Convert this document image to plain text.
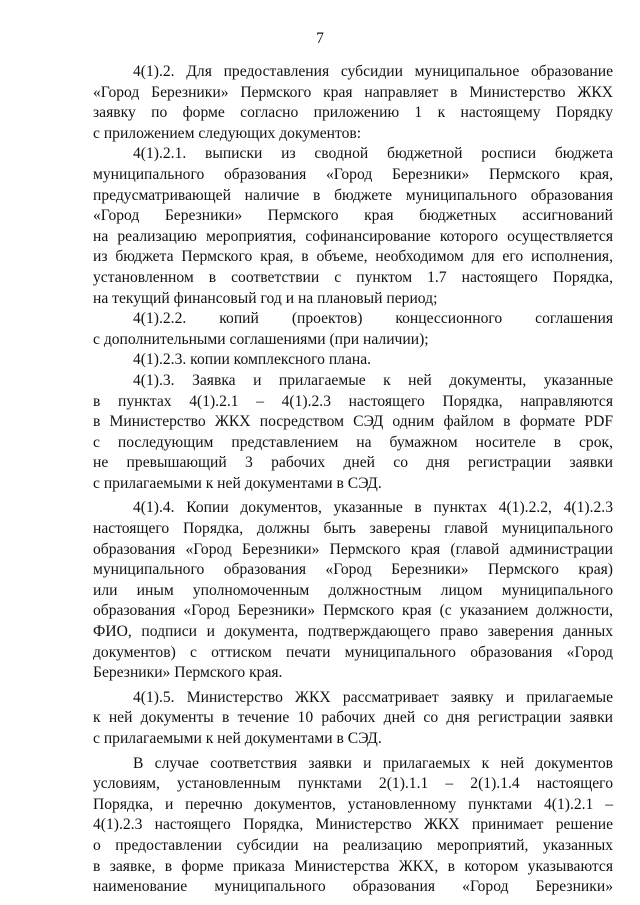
7
4(1).2. Для предоставления субсидии муниципальное образование
«Город Березники» Пермского края направляет в Министерство ЖКХ
заявку по форме согласно приложению 1 к настоящему Порядку
с приложением следующих документов:
4(1).2.1. выписки из сводной бюджетной росписи бюджета
муниципального образования «Город Березники» Пермского края,
предусматривающей наличие в бюджете муниципального образования
«Город Березники» Пермского края бюджетных ассигнований
на реализацию мероприятия, софинансирование которого осуществляется
из бюджета Пермского края, в объеме, необходимом для его исполнения,
установленном в соответствии с пунктом 1.7 настоящего Порядка,
на текущий финансовый год и на плановый период;
4(1).2.2. копий (проектов) концессионного соглашения
с дополнительными соглашениями (при наличии);
4(1).2.3. копии комплексного плана.
4(1).3. Заявка и прилагаемые к ней документы, указанные
в пунктах 4(1).2.1 – 4(1).2.3 настоящего Порядка, направляются
в Министерство ЖКХ посредством СЭД одним файлом в формате PDF
с последующим представлением на бумажном носителе в срок,
не превышающий 3 рабочих дней со дня регистрации заявки
с прилагаемыми к ней документами в СЭД.
4(1).4. Копии документов, указанные в пунктах 4(1).2.2, 4(1).2.3
настоящего Порядка, должны быть заверены главой муниципального
образования «Город Березники» Пермского края (главой администрации
муниципального образования «Город Березники» Пермского края)
или иным уполномоченным должностным лицом муниципального
образования «Город Березники» Пермского края (с указанием должности,
ФИО, подписи и документа, подтверждающего право заверения данных
документов) с оттиском печати муниципального образования «Город
Березники» Пермского края.
4(1).5. Министерство ЖКХ рассматривает заявку и прилагаемые
к ней документы в течение 10 рабочих дней со дня регистрации заявки
с прилагаемыми к ней документами в СЭД.
В случае соответствия заявки и прилагаемых к ней документов
условиям, установленным пунктами 2(1).1.1 – 2(1).1.4 настоящего
Порядка, и перечню документов, установленному пунктами 4(1).2.1 –
4(1).2.3 настоящего Порядка, Министерство ЖКХ принимает решение
о предоставлении субсидии на реализацию мероприятий, указанных
в заявке, в форме приказа Министерства ЖКХ, в котором указываются
наименование муниципального образования «Город Березники»
